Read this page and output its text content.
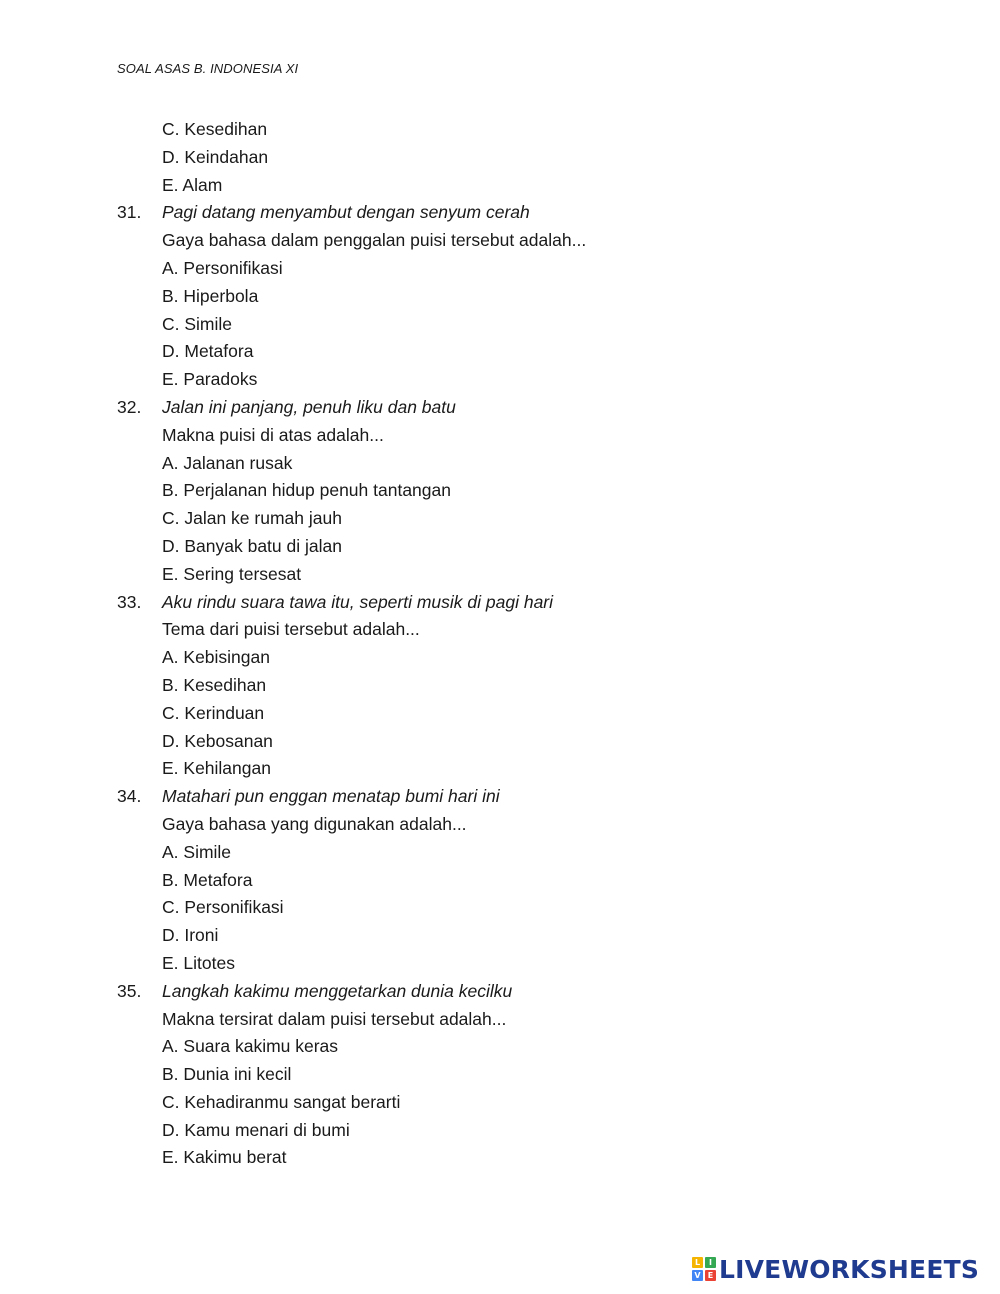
SOAL ASAS B. INDONESIA XI
C. Kesedihan
D. Keindahan
E. Alam
31. Pagi datang menyambut dengan senyum cerah
Gaya bahasa dalam penggalan puisi tersebut adalah...
A. Personifikasi
B. Hiperbola
C. Simile
D. Metafora
E. Paradoks
32. Jalan ini panjang, penuh liku dan batu
Makna puisi di atas adalah...
A. Jalanan rusak
B. Perjalanan hidup penuh tantangan
C. Jalan ke rumah jauh
D. Banyak batu di jalan
E. Sering tersesat
33. Aku rindu suara tawa itu, seperti musik di pagi hari
Tema dari puisi tersebut adalah...
A. Kebisingan
B. Kesedihan
C. Kerinduan
D. Kebosanan
E. Kehilangan
34. Matahari pun enggan menatap bumi hari ini
Gaya bahasa yang digunakan adalah...
A. Simile
B. Metafora
C. Personifikasi
D. Ironi
E. Litotes
35. Langkah kakimu menggetarkan dunia kecilku
Makna tersirat dalam puisi tersebut adalah...
A. Suara kakimu keras
B. Dunia ini kecil
C. Kehadiranmu sangat berarti
D. Kamu menari di bumi
E. Kakimu berat
L	I
V E LIVEWORKSHEETS
